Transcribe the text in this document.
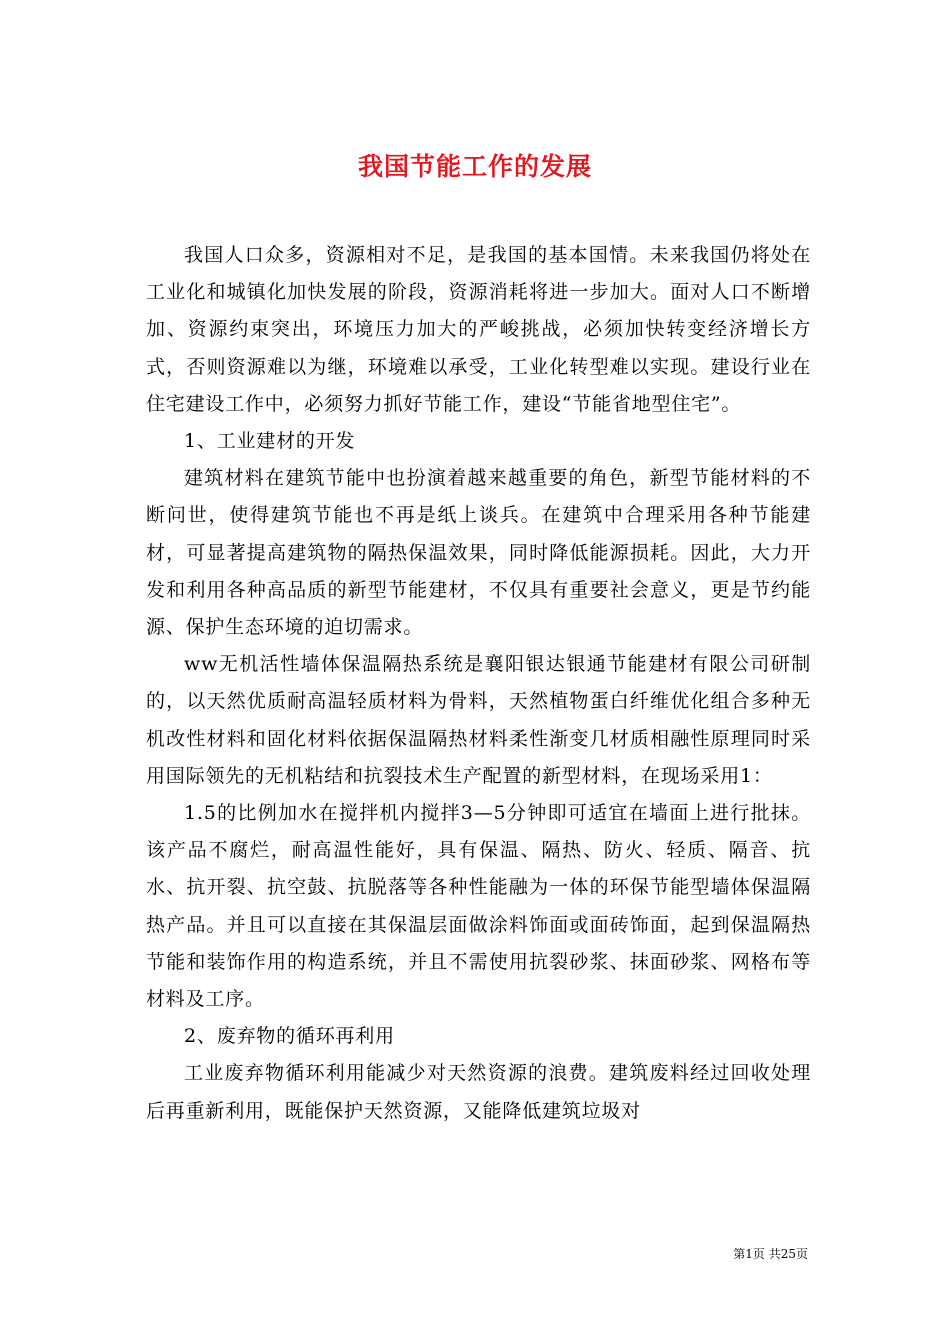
我国节能工作的发展

我国人口众多，资源相对不足，是我国的基本国情。未来我国仍将处在工业化和城镇化加快发展的阶段，资源消耗将进一步加大。面对人口不断增加、资源约束突出，环境压力加大的严峻挑战，必须加快转变经济增长方式，否则资源难以为继，环境难以承受，工业化转型难以实现。建设行业在住宅建设工作中，必须努力抓好节能工作，建设“节能省地型住宅”。

1、工业建材的开发

建筑材料在建筑节能中也扮演着越来越重要的角色，新型节能材料的不断问世，使得建筑节能也不再是纸上谈兵。在建筑中合理采用各种节能建材，可显著提高建筑物的隔热保温效果，同时降低能源损耗。因此，大力开发和利用各种高品质的新型节能建材，不仅具有重要社会意义，更是节约能源、保护生态环境的迫切需求。

ww无机活性墙体保温隔热系统是襄阳银达银通节能建材有限公司研制的，以天然优质耐高温轻质材料为骨料，天然植物蛋白纤维优化组合多种无机改性材料和固化材料依据保温隔热材料柔性渐变几材质相融性原理同时采用国际领先的无机粘结和抗裂技术生产配置的新型材料，在现场采用1：

1.5的比例加水在搅拌机内搅拌3—5分钟即可适宜在墙面上进行批抹。该产品不腐烂，耐高温性能好，具有保温、隔热、防火、轻质、隔音、抗水、抗开裂、抗空鼓、抗脱落等各种性能融为一体的环保节能型墙体保温隔热产品。并且可以直接在其保温层面做涂料饰面或面砖饰面，起到保温隔热节能和装饰作用的构造系统，并且不需使用抗裂砂浆、抹面砂浆、网格布等材料及工序。

2、废弃物的循环再利用

工业废弃物循环利用能减少对天然资源的浪费。建筑废料经过回收处理后再重新利用，既能保护天然资源，又能降低建筑垃圾对

第1页 共25页
